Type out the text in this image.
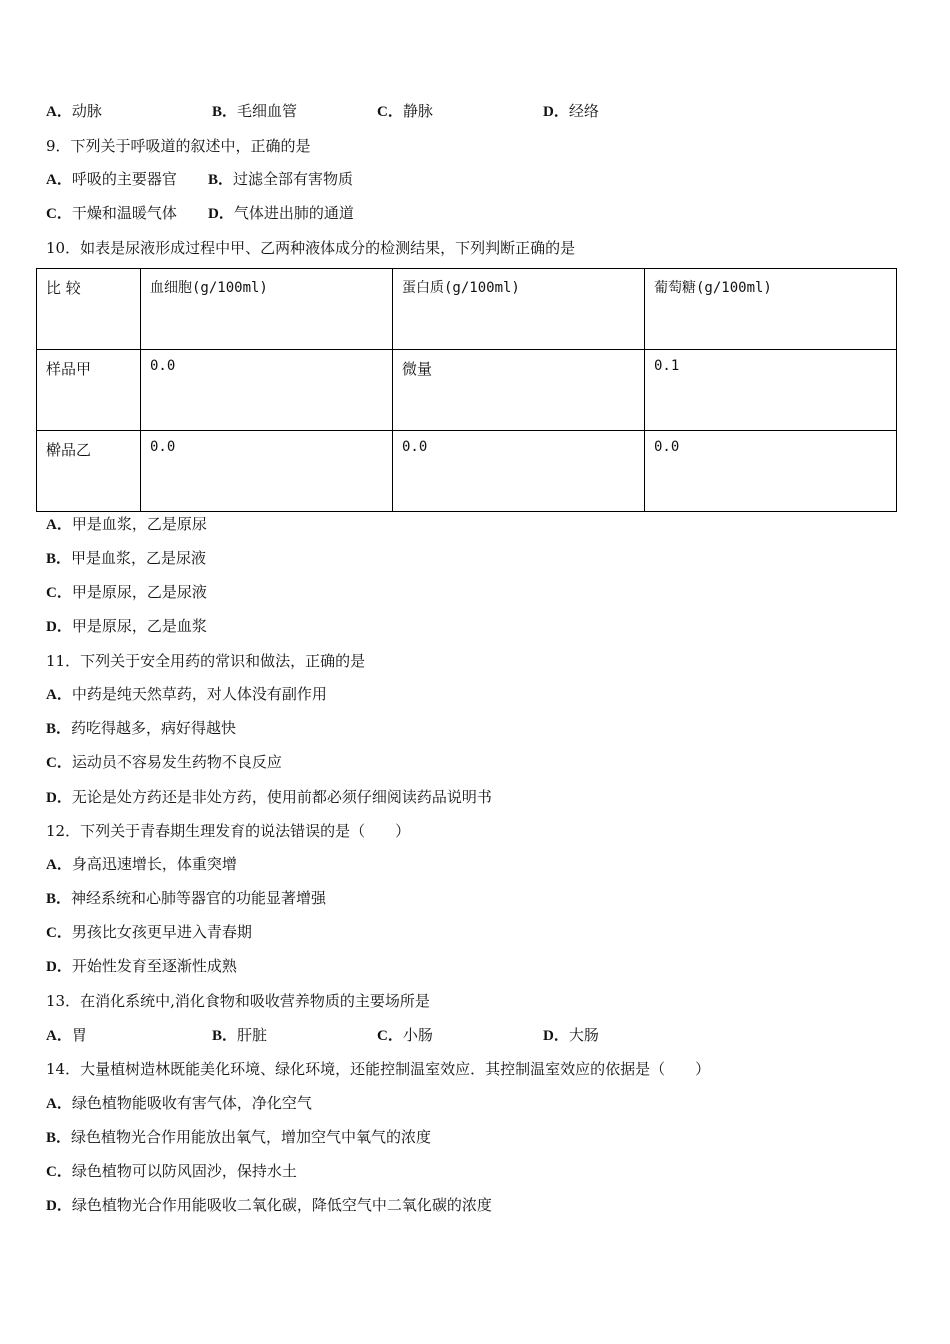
A．动脉	B．毛细血管	C．静脉	D．经络
9．下列关于呼吸道的叙述中，正确的是
A．呼吸的主要器官 B．过滤全部有害物质
C．干燥和温暖气体 D．气体进出肺的通道
10．如表是尿液形成过程中甲、乙两种液体成分的检测结果，下列判断正确的是
比 较	血细胞(g/100ml)	蛋白质(g/100ml)	葡萄糖(g/100ml)
样品甲	0.0	微量	0.1
檊品乙	0.0	0.0	0.0
A．甲是血浆，乙是原尿
B．甲是血浆，乙是尿液
C．甲是原尿，乙是尿液
D．甲是原尿，乙是血浆
11．下列关于安全用药的常识和做法，正确的是
A．中药是纯天然草药，对人体没有副作用
B．药吃得越多，病好得越快
C．运动员不容易发生药物不良反应
D．无论是处方药还是非处方药，使用前都必须仔细阅读药品说明书
12．下列关于青春期生理发育的说法错误的是（　　）
A．身高迅速增长，体重突增
B．神经系统和心肺等器官的功能显著增强
C．男孩比女孩更早进入青春期
D．开始性发育至逐渐性成熟
13．在消化系统中,消化食物和吸收营养物质的主要场所是
A．胃	B．肝脏	C．小肠	D．大肠
14．大量植树造林既能美化环境、绿化环境，还能控制温室效应．其控制温室效应的依据是（　　）
A．绿色植物能吸收有害气体，净化空气
B．绿色植物光合作用能放出氧气，增加空气中氧气的浓度
C．绿色植物可以防风固沙，保持水土
D．绿色植物光合作用能吸收二氧化碳，降低空气中二氧化碳的浓度
